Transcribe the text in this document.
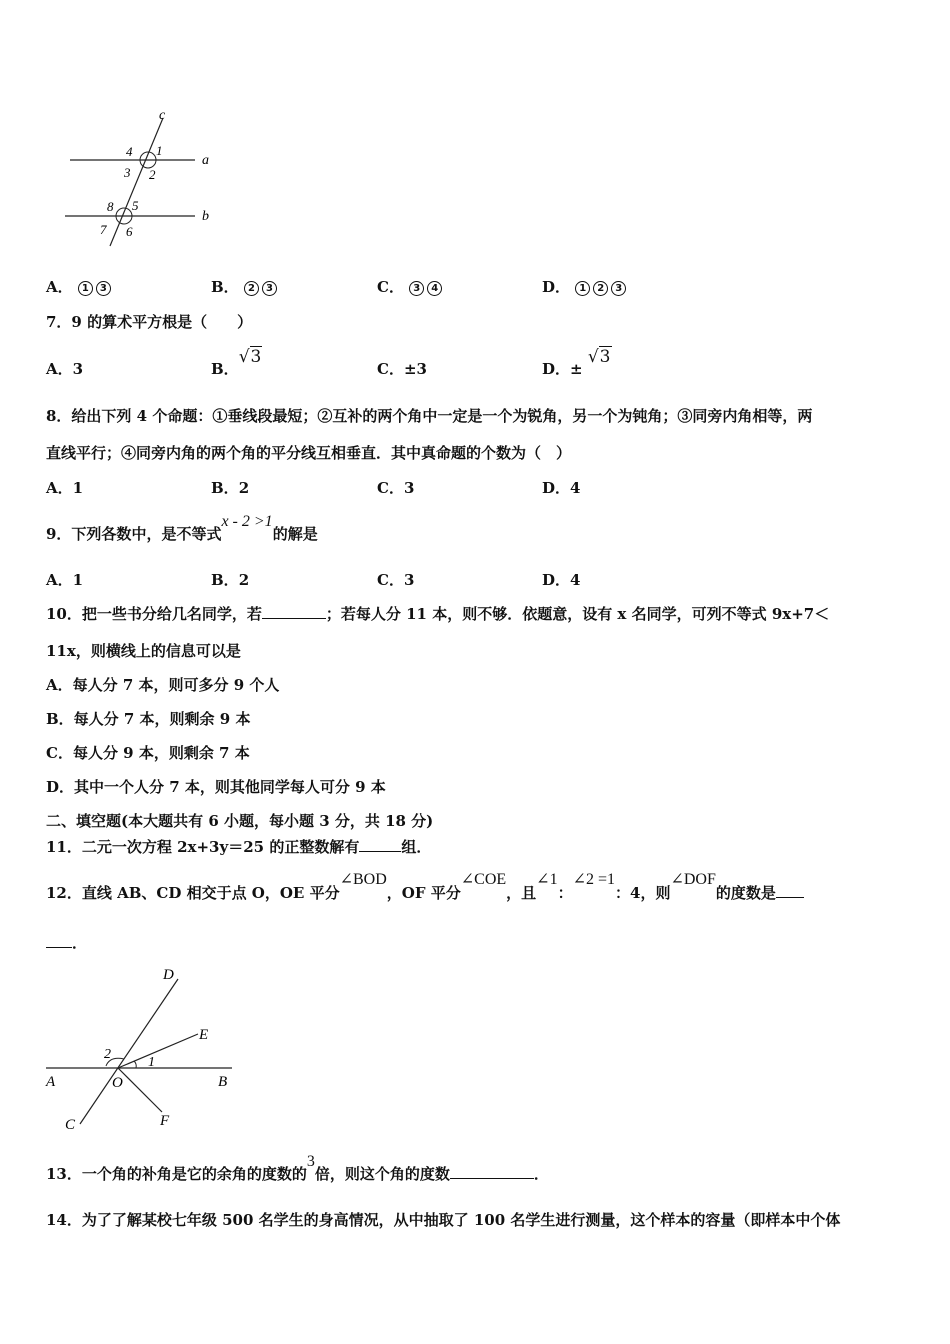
c
a
b
4 1
3 2
8 5
7 6
A． 1 3	B． 2 3	C． 3 4	D． 1 2 3
7．9 的算术平方根是（　　）
A．3	B．√3
C．±3	D．± √3
8．给出下列 4 个命题：①垂线段最短；②互补的两个角中一定是一个为锐角，另一个为钝角；③同旁内角相等，两
直线平行；④同旁内角的两个角的平分线互相垂直．其中真命题的个数为（　）
A．1	B．2	C．3	D．4
9．下列各数中，是不等式x - 2 >1的解是
A．1	B．2	C．3	D．4
10．把一些书分给几名同学，若	；若每人分 11 本，则不够．依题意，设有 x 名同学，可列不等式 9x+7＜
11x，则横线上的信息可以是
A．每人分 7 本，则可多分 9 个人
B．每人分 7 本，则剩余 9 本
C．每人分 9 本，则剩余 7 本
D．其中一个人分 7 本，则其他同学每人可分 9 本
二、填空题(本大题共有 6 小题，每小题 3 分，共 18 分)
11．二元一次方程 2x+3y＝25 的正整数解有	组．
12．直线 AB、CD 相交于点 O，OE 平分∠BOD，OF 平分∠COE，且∠1：∠2 =1：4，则∠DOF的度数是
．
D
E
A	O	B
C	F
2
1
13．一个角的补角是它的余角的度数的3倍，则这个角的度数	．
14．为了了解某校七年级 500 名学生的身高情况，从中抽取了 100 名学生进行测量，这个样本的容量（即样本中个体
